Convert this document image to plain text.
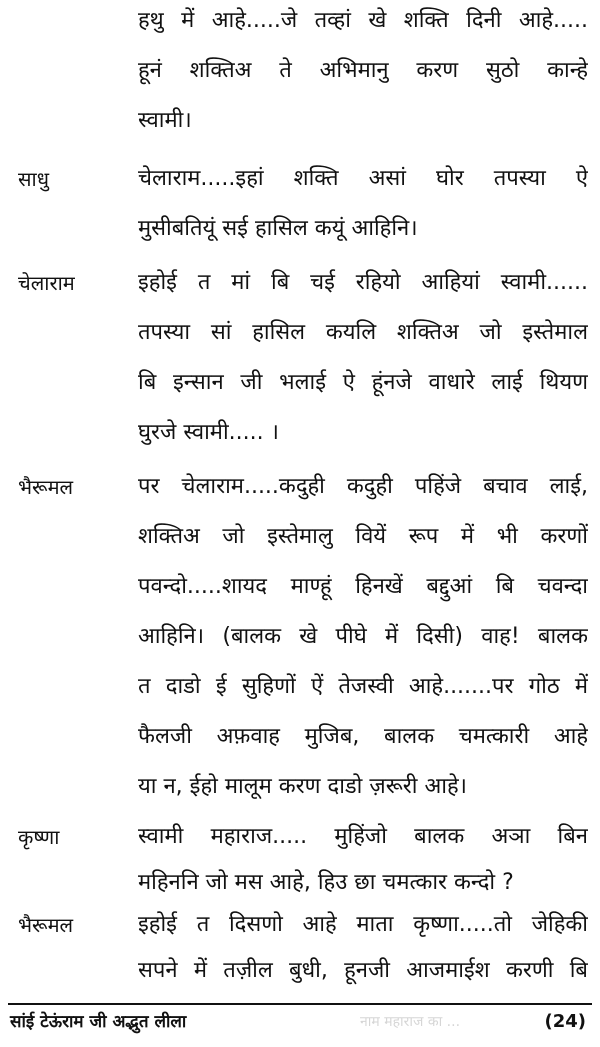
हथु में आहे.....जे तव्हां खे शक्ति दिनी आहे.....
हूनं शक्तिअ ते अभिमानु करण सुठो कान्हे
स्वामी।
साधु	चेलाराम.....इहां शक्ति असां घोर तपस्या ऐ
मुसीबतियूं सई हासिल कयूं आहिनि।
चेलाराम	इहोई त मां बि चई रहियो आहियां स्वामी......
तपस्या सां हासिल कयलि शक्तिअ जो इस्तेमाल
बि इन्सान जी भलाई ऐ हूंनजे वाधारे लाई थियण
घुरजे स्वामी..... ।
भैरूमल	पर चेलाराम.....कदुही कदुही पहिंजे बचाव लाई,
शक्तिअ जो इस्तेमालु वियें रूप में भी करणों
पवन्दो.....शायद माण्हूं हिनखें बद्दुआं बि चवन्दा
आहिनि। (बालक खे पीघे में दिसी) वाह! बालक
त दाडो ई सुहिणों ऐं तेजस्वी आहे.......पर गोठ में
फैलजी अफ़वाह मुजिब, बालक चमत्कारी आहे
या न, ईहो मालूम करण दाडो ज़रूरी आहे।
कृष्णा	स्वामी महाराज..... मुहिंजो बालक अञा बिन
महिननि जो मस आहे, हिउ छा चमत्कार कन्दो ?
भैरूमल	इहोई त दिसणो आहे माता कृष्णा.....तो जेहिकी
सपने में तज़ील बुधी, हूनजी आजमाईश करणी बि
सांई टेऊंराम जी अद्भुत लीला	नाम महाराज का ...	(24)
